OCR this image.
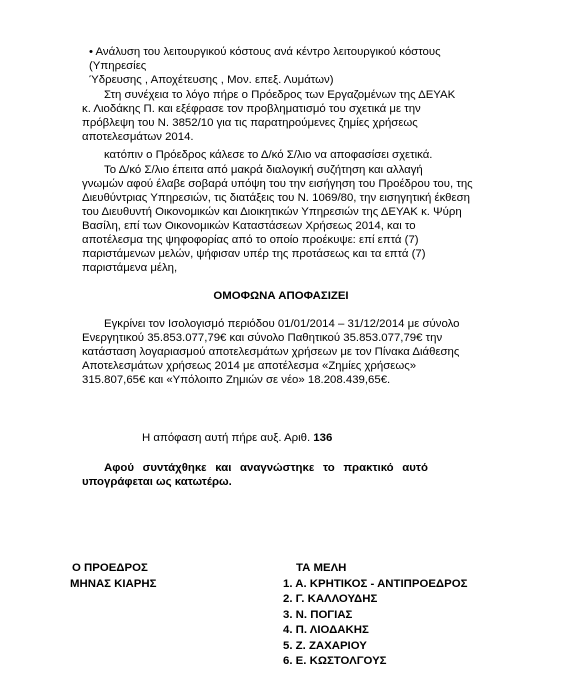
• Ανάλυση του λειτουργικού κόστους ανά κέντρο λειτουργικού κόστους
(Υπηρεσίες
Ύδρευσης , Αποχέτευσης , Μον. επεξ. Λυμάτων)
Στη συνέχεια το λόγο πήρε ο Πρόεδρος των Εργαζομένων της ΔΕΥΑΚ
κ. Λιοδάκης Π. και εξέφρασε τον προβληματισμό του σχετικά με την
πρόβλεψη του Ν. 3852/10 για τις παρατηρούμενες ζημίες χρήσεως
αποτελεσμάτων 2014.
κατόπιν ο Πρόεδρος κάλεσε το Δ/κό Σ/λιο να αποφασίσει σχετικά.
Το Δ/κό Σ/λιο έπειτα από μακρά διαλογική συζήτηση και αλλαγή
γνωμών αφού έλαβε σοβαρά υπόψη του την εισήγηση του Προέδρου του, της
Διευθύντριας Υπηρεσιών, τις διατάξεις του Ν. 1069/80, την εισηγητική έκθεση
του Διευθυντή Οικονομικών και Διοικητικών Υπηρεσιών της ΔΕΥΑΚ κ. Ψύρη
Βασίλη, επί των Οικονομικών Καταστάσεων Χρήσεως 2014, και το
αποτέλεσμα της ψηφοφορίας από το οποίο προέκυψε: επί επτά (7)
παριστάμενων μελών, ψήφισαν υπέρ της προτάσεως και τα επτά (7)
παριστάμενα μέλη,
ΟΜΟΦΩΝΑ ΑΠΟΦΑΣΙΖΕΙ
Εγκρίνει τον Ισολογισμό περιόδου 01/01/2014 – 31/12/2014 με σύνολο
Ενεργητικού 35.853.077,79€ και σύνολο Παθητικού 35.853.077,79€ την
κατάσταση λογαριασμού αποτελεσμάτων χρήσεων με τον Πίνακα Διάθεσης
Αποτελεσμάτων χρήσεως 2014 με αποτέλεσμα «Ζημίες χρήσεως»
315.807,65€ και «Υπόλοιπο Ζημιών σε νέο» 18.208.439,65€.
Η απόφαση αυτή πήρε αυξ. Αριθ. 136
Αφού συντάχθηκε και αναγνώστηκε το πρακτικό αυτό
υπογράφεται ως κατωτέρω.
Ο ΠΡΟΕΔΡΟΣ
ΜΗΝΑΣ ΚΙΑΡΗΣ
ΤΑ ΜΕΛΗ
1. Α. ΚΡΗΤΙΚΟΣ - ΑΝΤΙΠΡΟΕΔΡΟΣ
2. Γ. ΚΑΛΛΟΥΔΗΣ
3. Ν. ΠΟΓΙΑΣ
4. Π. ΛΙΟΔΑΚΗΣ
5. Ζ. ΖΑΧΑΡΙΟΥ
6. Ε. ΚΩΣΤΟΛΓΟΥΣ
